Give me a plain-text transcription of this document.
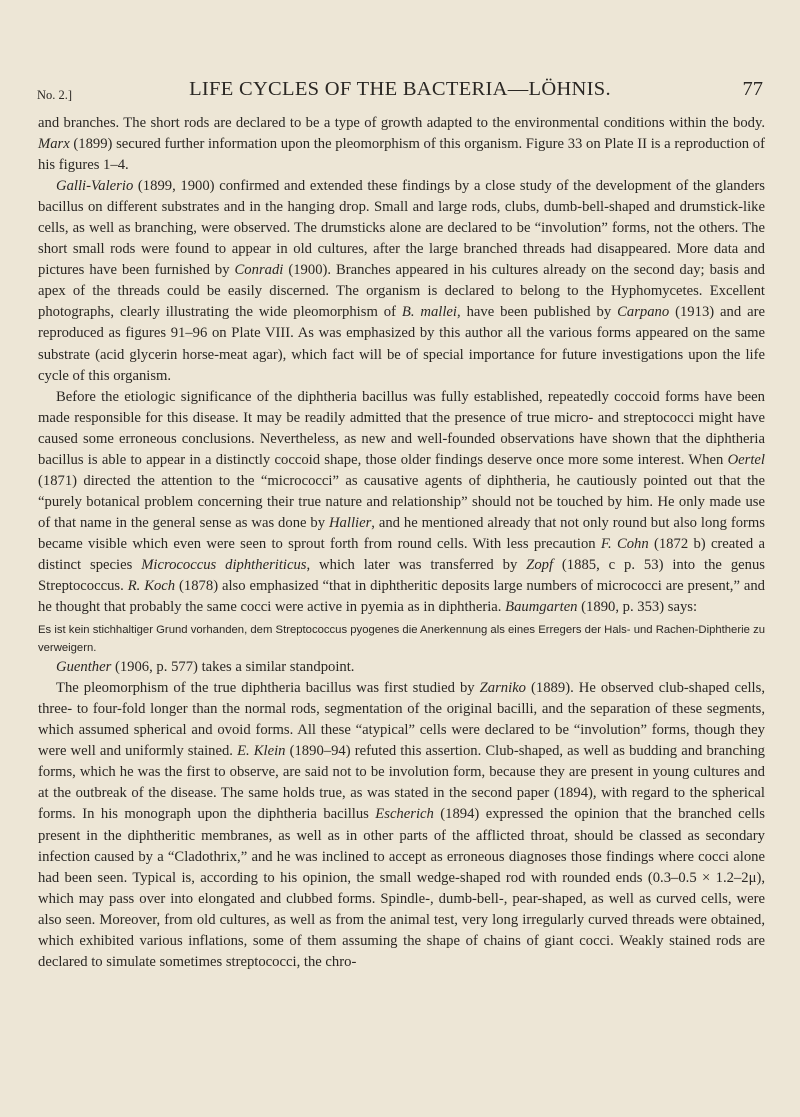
No. 2.]	LIFE CYCLES OF THE BACTERIA—LÖHNIS.	77

and branches. The short rods are declared to be a type of growth adapted to the environmental conditions within the body. Marx (1899) secured further information upon the pleomorphism of this organism. Figure 33 on Plate II is a reproduction of his figures 1–4.

Galli-Valerio (1899, 1900) confirmed and extended these findings by a close study of the development of the glanders bacillus on different substrates and in the hanging drop. Small and large rods, clubs, dumb-bell-shaped and drumstick-like cells, as well as branching, were observed. The drumsticks alone are declared to be “involution” forms, not the others. The short small rods were found to appear in old cultures, after the large branched threads had disappeared. More data and pictures have been furnished by Conradi (1900). Branches appeared in his cultures already on the second day; basis and apex of the threads could be easily discerned. The organism is declared to belong to the Hyphomycetes. Excellent photographs, clearly illustrating the wide pleomorphism of B. mallei, have been published by Carpano (1913) and are reproduced as figures 91–96 on Plate VIII. As was emphasized by this author all the various forms appeared on the same substrate (acid glycerin horse-meat agar), which fact will be of special importance for future investigations upon the life cycle of this organism.

Before the etiologic significance of the diphtheria bacillus was fully established, repeatedly coccoid forms have been made responsible for this disease. It may be readily admitted that the presence of true micro- and streptococci might have caused some erroneous conclusions. Nevertheless, as new and well-founded observations have shown that the diphtheria bacillus is able to appear in a distinctly coccoid shape, those older findings deserve once more some interest. When Oertel (1871) directed the attention to the “micrococci” as causative agents of diphtheria, he cautiously pointed out that the “purely botanical problem concerning their true nature and relationship” should not be touched by him. He only made use of that name in the general sense as was done by Hallier, and he mentioned already that not only round but also long forms became visible which even were seen to sprout forth from round cells. With less precaution F. Cohn (1872 b) created a distinct species Micrococcus diphtheriticus, which later was transferred by Zopf (1885, c p. 53) into the genus Streptococcus. R. Koch (1878) also emphasized “that in diphtheritic deposits large numbers of micrococci are present,” and he thought that probably the same cocci were active in pyemia as in diphtheria. Baumgarten (1890, p. 353) says:

Es ist kein stichhaltiger Grund vorhanden, dem Streptococcus pyogenes die Anerkennung als eines Erregers der Hals- und Rachen-Diphtherie zu verweigern.

Guenther (1906, p. 577) takes a similar standpoint.

The pleomorphism of the true diphtheria bacillus was first studied by Zarniko (1889). He observed club-shaped cells, three- to four-fold longer than the normal rods, segmentation of the original bacilli, and the separation of these segments, which assumed spherical and ovoid forms. All these “atypical” cells were declared to be “involution” forms, though they were well and uniformly stained. E. Klein (1890–94) refuted this assertion. Club-shaped, as well as budding and branching forms, which he was the first to observe, are said not to be involution form, because they are present in young cultures and at the outbreak of the disease. The same holds true, as was stated in the second paper (1894), with regard to the spherical forms. In his monograph upon the diphtheria bacillus Escherich (1894) expressed the opinion that the branched cells present in the diphtheritic membranes, as well as in other parts of the afflicted throat, should be classed as secondary infection caused by a “Cladothrix,” and he was inclined to accept as erroneous diagnoses those findings where cocci alone had been seen. Typical is, according to his opinion, the small wedge-shaped rod with rounded ends (0.3–0.5 × 1.2–2μ), which may pass over into elongated and clubbed forms. Spindle-, dumb-bell-, pear-shaped, as well as curved cells, were also seen. Moreover, from old cultures, as well as from the animal test, very long irregularly curved threads were obtained, which exhibited various inflations, some of them assuming the shape of chains of giant cocci. Weakly stained rods are declared to simulate sometimes streptococci, the chro-
